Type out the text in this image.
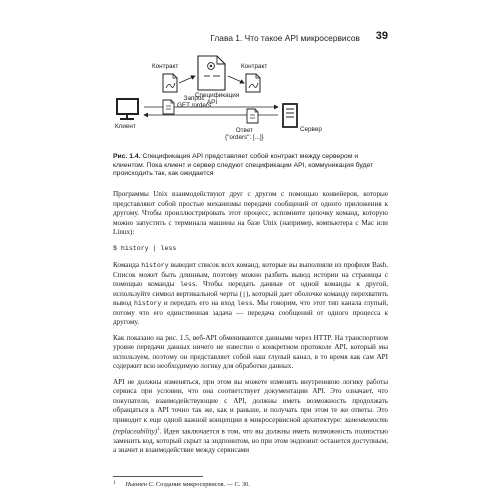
Глава 1. Что такое API микросервисов 39
Контракт	Контракт
Спецификация
API
Запрос
GET /orders
Клиент
Ответ
{"orders": [...]}
Сервер
Рис. 1.4. Спецификация API представляет собой контракт между сервером и клиентом. Пока клиент и сервер следуют спецификации API, коммуникация будет происходить так, как ожидается

Программы Unix взаимодействуют друг с другом с помощью конвейеров, которые представляют собой простые механизмы передачи сообщений от одного приложения к другому. Чтобы проиллюстрировать этот процесс, вспомните цепочку команд, которую можно запустить с терминала машины на базе Unix (например, компьютера с Mac или Linux):

$ history | less

Команда history выводит список всех команд, которые вы выполняли из профиля Bash. Список может быть длинным, поэтому можно разбить вывод истории на страницы с помощью команды less. Чтобы передать данные от одной команды к другой, используйте символ вертикальной черты (|), который дает оболочке команду перехватить вывод history и передать его на вход less. Мы говорим, что этот тип канала глупый, потому что его единственная задача — передача сообщений от одного процесса к другому.

Как показано на рис. 1.5, веб-API обмениваются данными через HTTP. На транспортном уровне передачи данных ничего не известно о конкретном протоколе API, который мы используем, поэтому он представляет собой наш глупый канал, в то время как сам API содержит всю необходимую логику для обработки данных.

API не должны изменяться, при этом вы можете изменять внутреннюю логику работы сервиса при условии, что она соответствует документации API. Это означает, что покупатели, взаимодействующие с API, должны иметь возможность продолжать обращаться к API точно так же, как и раньше, и получать при этом те же ответы. Это приводит к еще одной важной концепции в микросервисной архитектуре: заменяемость (replaceability)$^1$. Идея заключается в том, что вы должны иметь возможность полностью заменить код, который скрыт за эндпоинтом, но при этом эндпоинт останется доступным, а значит и взаимодействие между сервисами

$^1$ Ньюмен С. Создание микросервисов. — С. 30.
